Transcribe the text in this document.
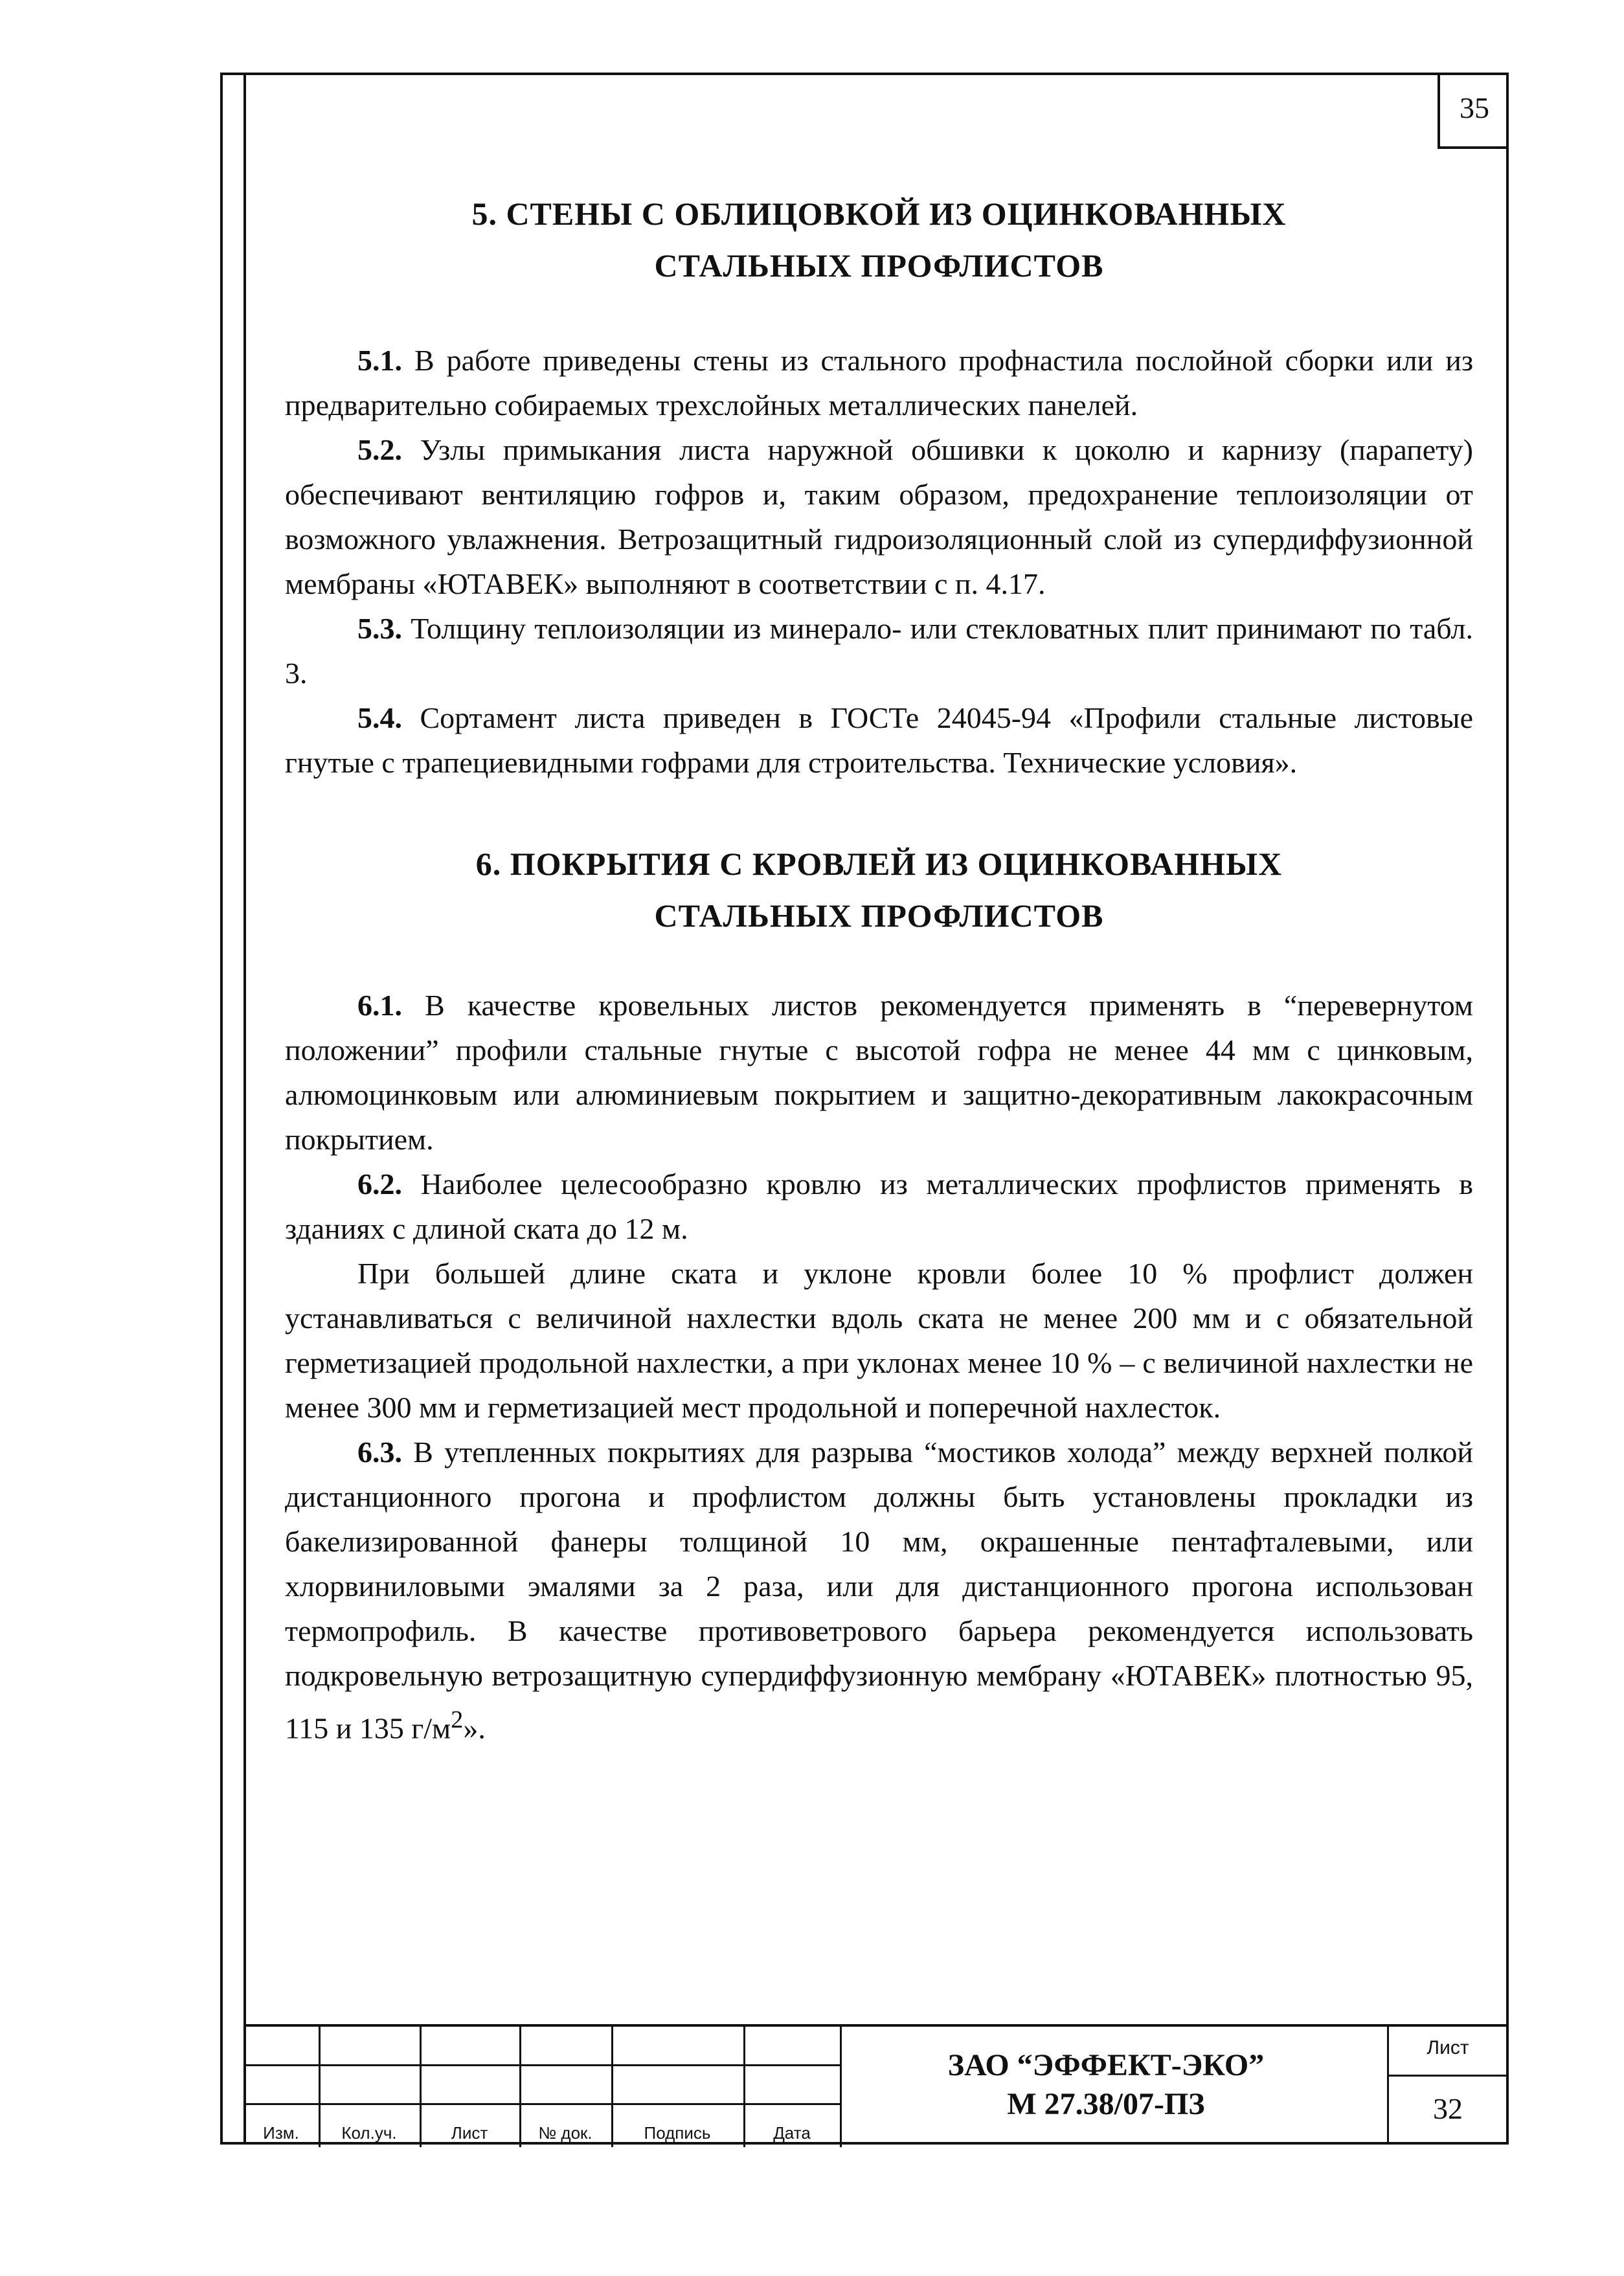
35
5. СТЕНЫ С ОБЛИЦОВКОЙ ИЗ ОЦИНКОВАННЫХ
СТАЛЬНЫХ ПРОФЛИСТОВ

5.1. В работе приведены стены из стального профнастила послойной сборки или из предварительно собираемых трехслойных металлических панелей.

5.2. Узлы примыкания листа наружной обшивки к цоколю и карнизу (парапету) обеспечивают вентиляцию гофров и, таким образом, предохранение теплоизоляции от возможного увлажнения. Ветрозащитный гидроизоляционный слой из супердиффузионной мембраны «ЮТАВЕК» выполняют в соответствии с п. 4.17.

5.3. Толщину теплоизоляции из минерало- или стекловатных плит принимают по табл. 3.

5.4. Сортамент листа приведен в ГОСТе 24045-94 «Профили стальные листовые гнутые с трапециевидными гофрами для строительства. Технические условия».

6. ПОКРЫТИЯ С КРОВЛЕЙ ИЗ ОЦИНКОВАННЫХ
СТАЛЬНЫХ ПРОФЛИСТОВ

6.1. В качестве кровельных листов рекомендуется применять в “перевернутом положении” профили стальные гнутые с высотой гофра не менее 44 мм с цинковым, алюмоцинковым или алюминиевым покрытием и защитно-декоративным лакокрасочным покрытием.

6.2. Наиболее целесообразно кровлю из металлических профлистов применять в зданиях с длиной ската до 12 м.

При большей длине ската и уклоне кровли более 10 % профлист должен устанавливаться с величиной нахлестки вдоль ската не менее 200 мм и с обязательной герметизацией продольной нахлестки, а при уклонах менее 10 % – с величиной нахлестки не менее 300 мм и герметизацией мест продольной и поперечной нахлесток.

6.3. В утепленных покрытиях для разрыва “мостиков холода” между верхней полкой дистанционного прогона и профлистом должны быть установлены прокладки из бакелизированной фанеры толщиной 10 мм, окрашенные пентафталевыми, или хлорвиниловыми эмалями за 2 раза, или для дистанционного прогона использован термопрофиль. В качестве противоветрового барьера рекомендуется использовать подкровельную ветрозащитную супердиффузионную мембрану «ЮТАВЕК» плотностью 95, 115 и 135 $г/м^2$».

Изм.	Кол.уч.	Лист	№ док.	Подпись	Дата
ЗАО “ЭФФЕКТ-ЭКО”
М 27.38/07-ПЗ
Лист
32
